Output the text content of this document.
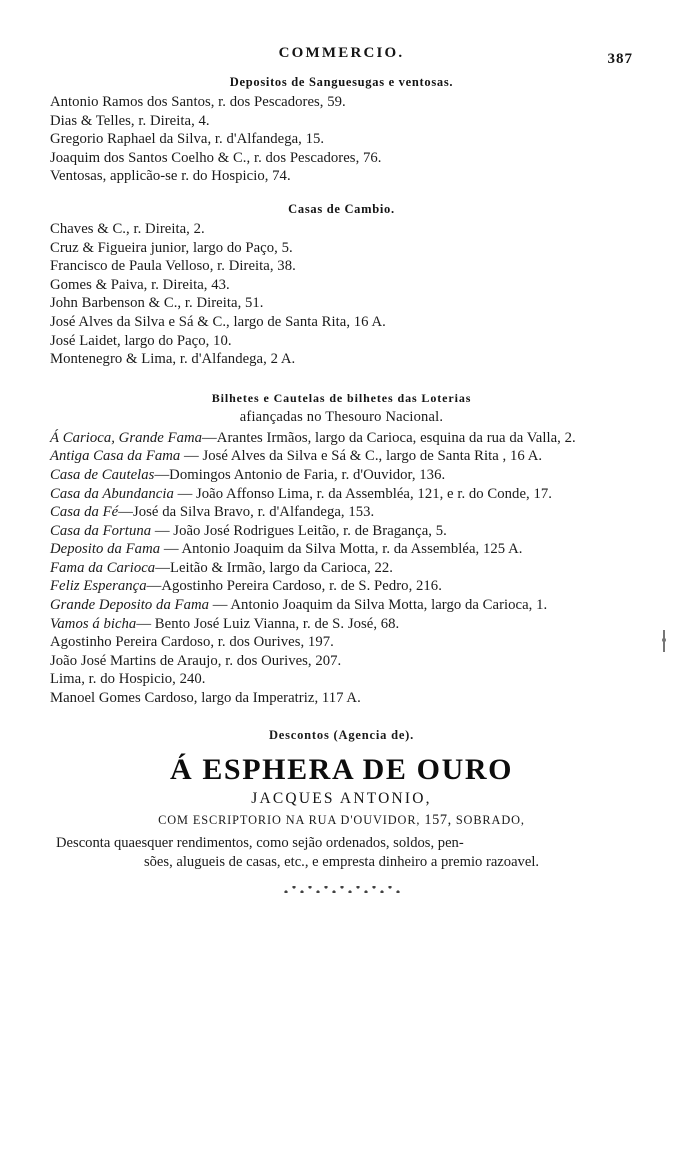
COMMERCIO.	387
Depositos de Sanguesugas e ventosas.
Antonio Ramos dos Santos, r. dos Pescadores, 59.
Dias & Telles, r. Direita, 4.
Gregorio Raphael da Silva, r. d'Alfandega, 15.
Joaquim dos Santos Coelho & C., r. dos Pescadores, 76.
Ventosas, applicão-se r. do Hospicio, 74.
Casas de Cambio.
Chaves & C., r. Direita, 2.
Cruz & Figueira junior, largo do Paço, 5.
Francisco de Paula Velloso, r. Direita, 38.
Gomes & Paiva, r. Direita, 43.
John Barbenson & C., r. Direita, 51.
José Alves da Silva e Sá & C., largo de Santa Rita, 16 A.
José Laidet, largo do Paço, 10.
Montenegro & Lima, r. d'Alfandega, 2 A.
Bilhetes e Cautelas de bilhetes das Loterias
afiançadas no Thesouro Nacional.
Á Carioca, Grande Fama—Arantes Irmãos, largo da Carioca, esquina da rua da Valla, 2.
Antiga Casa da Fama — José Alves da Silva e Sá & C., largo de Santa Rita , 16 A.
Casa de Cautelas—Domingos Antonio de Faria, r. d'Ouvidor, 136.
Casa da Abundancia — João Affonso Lima, r. da Assembléa, 121, e r. do Conde, 17.
Casa da Fé—José da Silva Bravo, r. d'Alfandega, 153.
Casa da Fortuna — João José Rodrigues Leitão, r. de Bragança, 5.
Deposito da Fama — Antonio Joaquim da Silva Motta, r. da Assembléa, 125 A.
Fama da Carioca—Leitão & Irmão, largo da Carioca, 22.
Feliz Esperança—Agostinho Pereira Cardoso, r. de S. Pedro, 216.
Grande Deposito da Fama — Antonio Joaquim da Silva Motta, largo da Carioca, 1.
Vamos á bicha— Bento José Luiz Vianna, r. de S. José, 68.
Agostinho Pereira Cardoso, r. dos Ourives, 197.
João José Martins de Araujo, r. dos Ourives, 207.
Lima, r. do Hospicio, 240.
Manoel Gomes Cardoso, largo da Imperatriz, 117 A.
Descontos (Agencia de).
Á ESPHERA DE OURO
JACQUES ANTONIO,
COM ESCRIPTORIO NA RUA D'OUVIDOR, 157, SOBRADO,
Desconta quaesquer rendimentos, como sejão ordenados, soldos, pen-
sões, alugueis de casas, etc., e empresta dinheiro a premio razoavel.
